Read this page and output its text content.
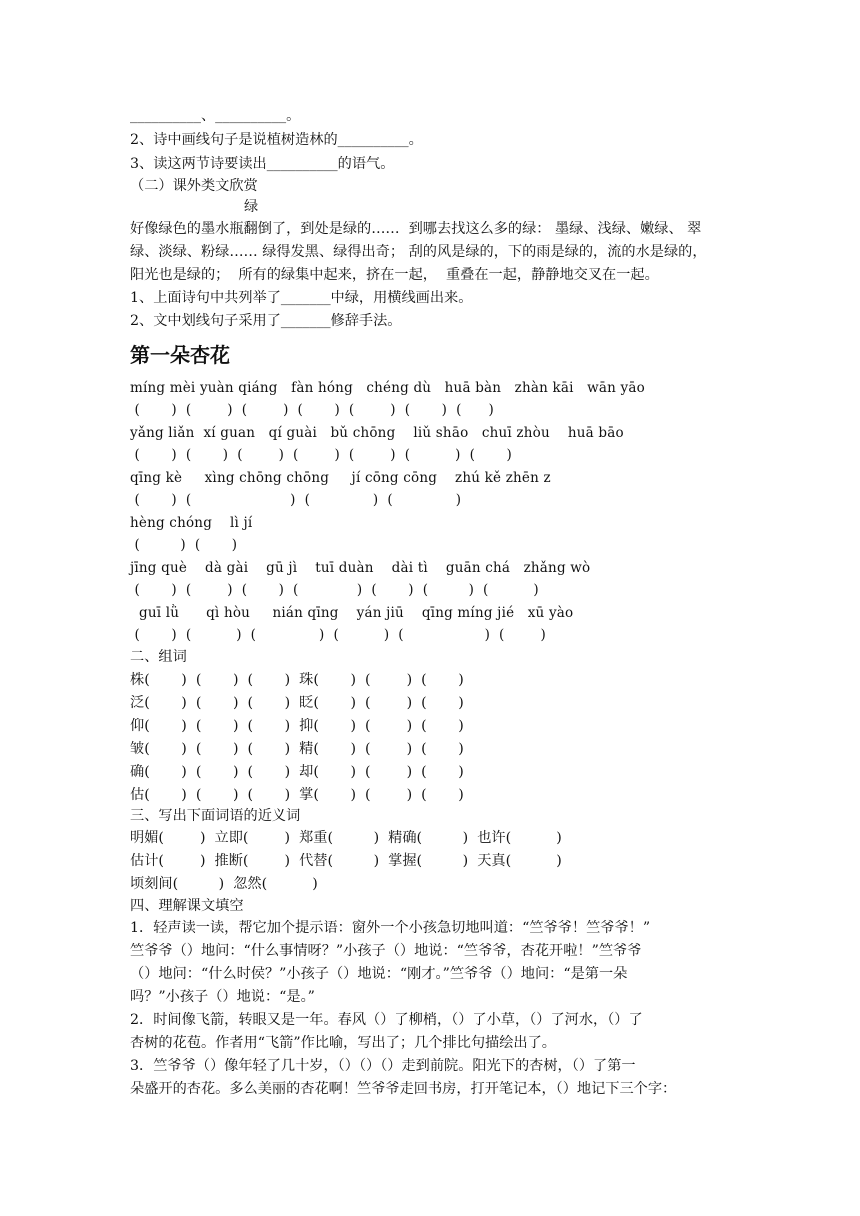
__________、__________。
2、诗中画线句子是说植树造林的__________。
3、读这两节诗要读出__________的语气。
（二）课外类文欣赏
绿
好像绿色的墨水瓶翻倒了，到处是绿的……  到哪去找这么多的绿： 墨绿、浅绿、嫩绿、 翠
绿、淡绿、粉绿…… 绿得发黑、绿得出奇； 刮的风是绿的，下的雨是绿的，流的水是绿的，
阳光也是绿的；  所有的绿集中起来，挤在一起，  重叠在一起，静静地交叉在一起。
1、上面诗句中共列举了_______中绿，用横线画出来。
2、文中划线句子采用了_______修辞手法。
第一朵杏花
míng mèi yuàn qiáng   fàn hóng   chéng dù   huā bàn   zhàn kāi   wān yāo
(       )  (        )  (        )  (       )  (        )  (       )  (      )
yǎng liǎn  xí guan   qí guài   bǔ chōng    liǔ shāo   chuī zhòu    huā bāo
(       )  (       )  (        )  (        )  (        )  (          )  (       )
qīng kè     xìng chōng chōng     jí cōng cōng    zhú kě zhēn z
(       )  (                      )  (              )  (              )
hèng chóng    lì jí
(         )  (       )
jīng què    dà gài    gū jì    tuī duàn    dài tì    guān chá   zhǎng wò
(       )  (        )  (       )  (             )  (       )  (         )  (          )
guī lǜ      qì hòu     nián qīng    yán jiū    qīng míng jié   xū yào
(       )  (          )  (              )  (          )  (                  )  (        )
二、组词
株(       )  (       )  (       )  珠(       )  (        )  (       )
泛(       )  (       )  (       )  眨(       )  (        )  (       )
仰(       )  (       )  (       )  抑(       )  (        )  (       )
皱(       )  (       )  (       )  精(       )  (        )  (       )
确(       )  (       )  (       )  却(       )  (        )  (       )
估(       )  (       )  (       )  掌(       )  (        )  (       )
三、写出下面词语的近义词
明媚(        )  立即(        )  郑重(         )  精确(         )  也许(          )
估计(        )  推断(        )  代替(         )  掌握(         )  天真(          )
顷刻间(         )  忽然(          )
四、理解课文填空
1．轻声读一读，帮它加个提示语：窗外一个小孩急切地叫道：“竺爷爷！竺爷爷！”
竺爷爷（）地问：“什么事情呀？”小孩子（）地说：“竺爷爷，杏花开啦！”竺爷爷
（）地问：“什么时侯？”小孩子（）地说：“刚才。”竺爷爷（）地问：“是第一朵
吗？”小孩子（）地说：“是。”
2．时间像飞箭，转眼又是一年。春风（）了柳梢，（）了小草，（）了河水，（）了
杏树的花苞。作者用“飞箭”作比喻，写出了；几个排比句描绘出了。
3．竺爷爷（）像年轻了几十岁，（）（）（）走到前院。阳光下的杏树，（）了第一
朵盛开的杏花。多么美丽的杏花啊！竺爷爷走回书房，打开笔记本，（）地记下三个字：
